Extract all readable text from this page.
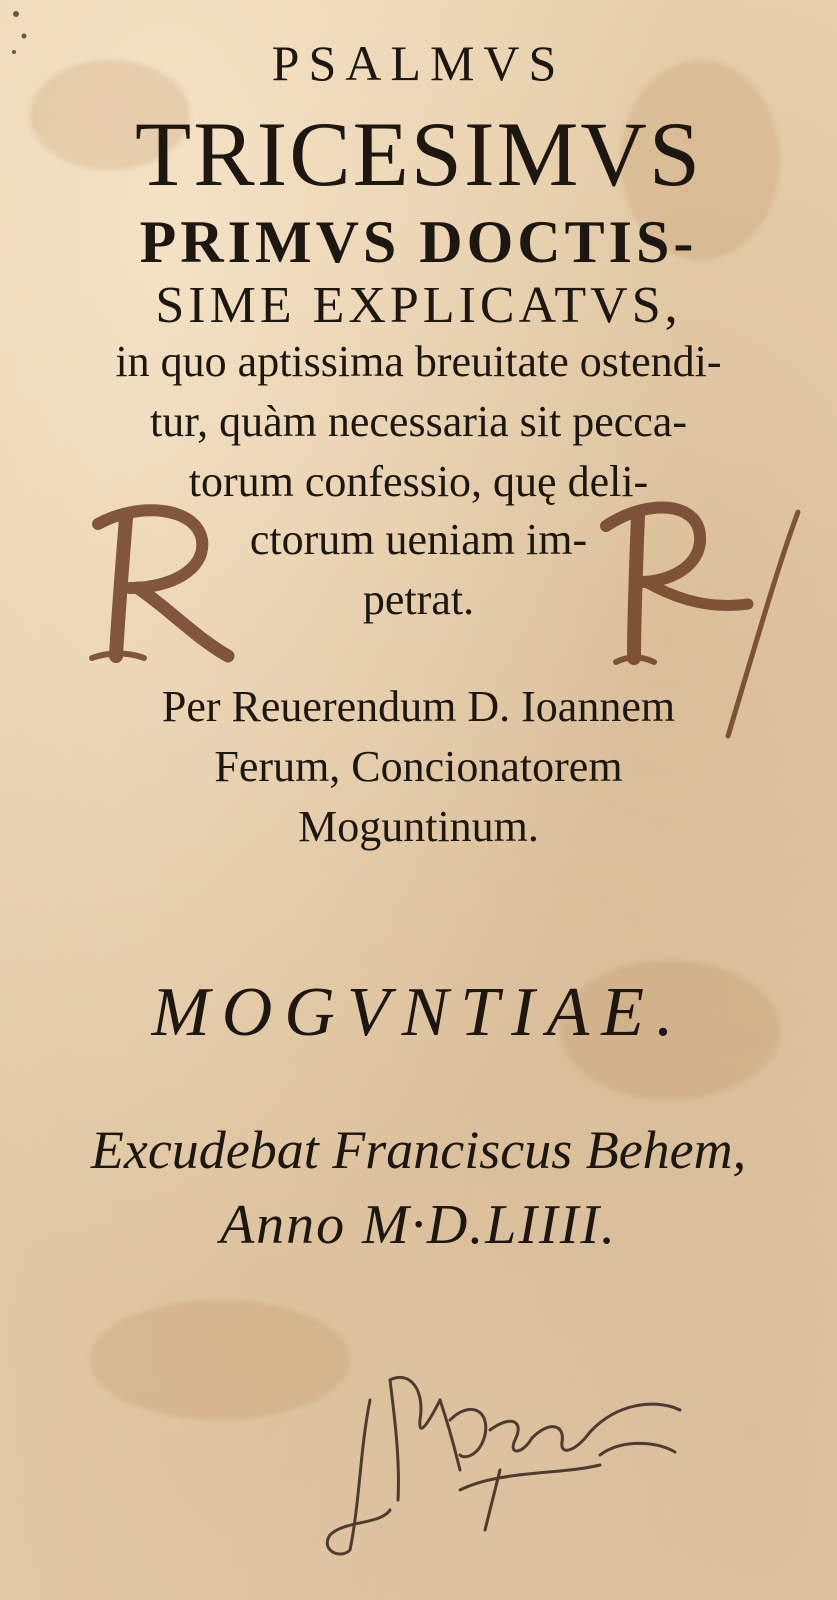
PSALMVS

TRICESIMVS

PRIMVS DOCTIS-

SIME EXPLICATVS,

in quo aptissima breuitate ostendi-

tur, quàm necessaria sit pecca-

torum confessio, quę deli-

ctorum ueniam im-

petrat.

Per Reuerendum D. Ioannem

Ferum, Concionatorem

Moguntinum.

MOGVNTIAE.

Excudebat Franciscus Behem,

Anno M·D.LIIII.
